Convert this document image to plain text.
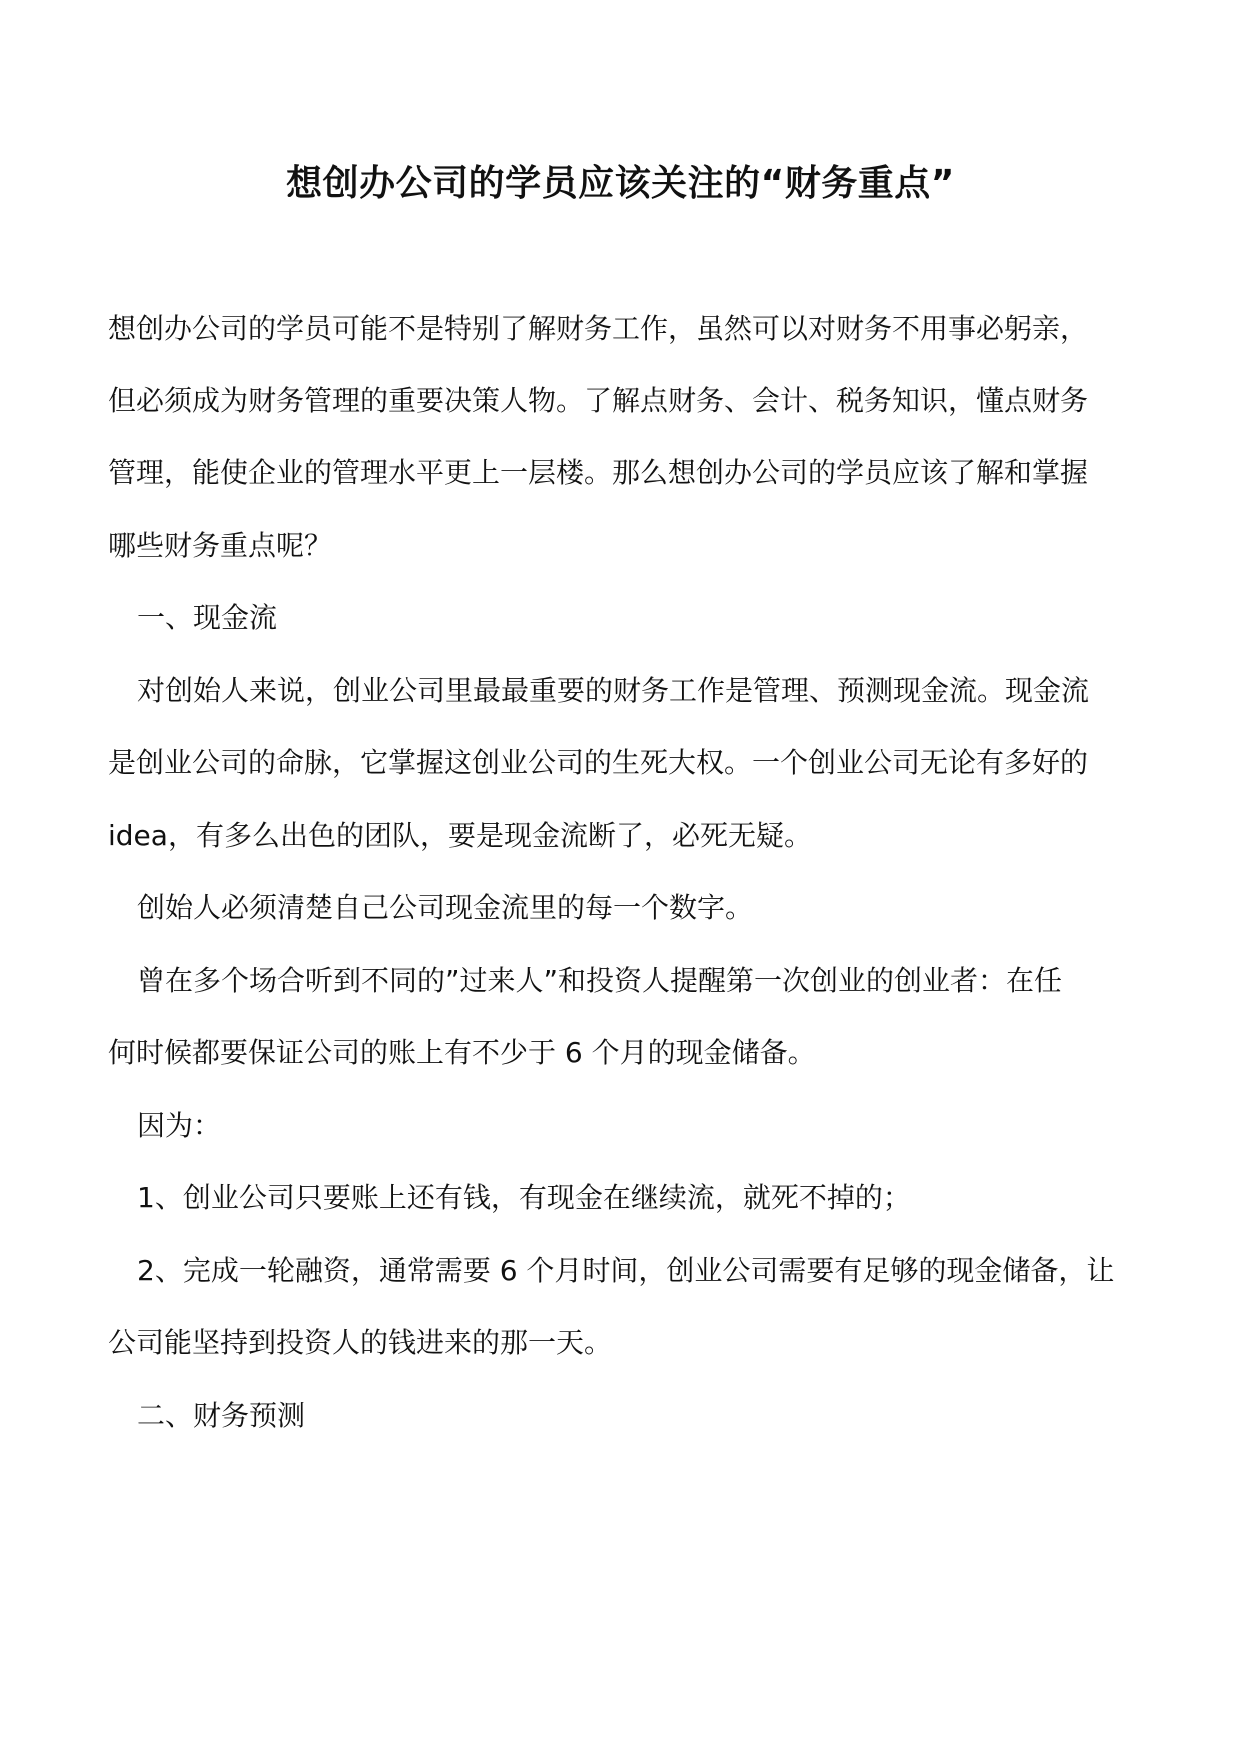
想创办公司的学员应该关注的“财务重点”
想创办公司的学员可能不是特别了解财务工作，虽然可以对财务不用事必躬亲，
但必须成为财务管理的重要决策人物。了解点财务、会计、税务知识，懂点财务
管理，能使企业的管理水平更上一层楼。那么想创办公司的学员应该了解和掌握
哪些财务重点呢？
一、现金流
对创始人来说，创业公司里最最重要的财务工作是管理、预测现金流。现金流
是创业公司的命脉，它掌握这创业公司的生死大权。一个创业公司无论有多好的
idea，有多么出色的团队，要是现金流断了，必死无疑。
创始人必须清楚自己公司现金流里的每一个数字。
曾在多个场合听到不同的”过来人”和投资人提醒第一次创业的创业者：在任
何时候都要保证公司的账上有不少于 6 个月的现金储备。
因为：
1、创业公司只要账上还有钱，有现金在继续流，就死不掉的；
2、完成一轮融资，通常需要 6 个月时间，创业公司需要有足够的现金储备，让
公司能坚持到投资人的钱进来的那一天。
二、财务预测
